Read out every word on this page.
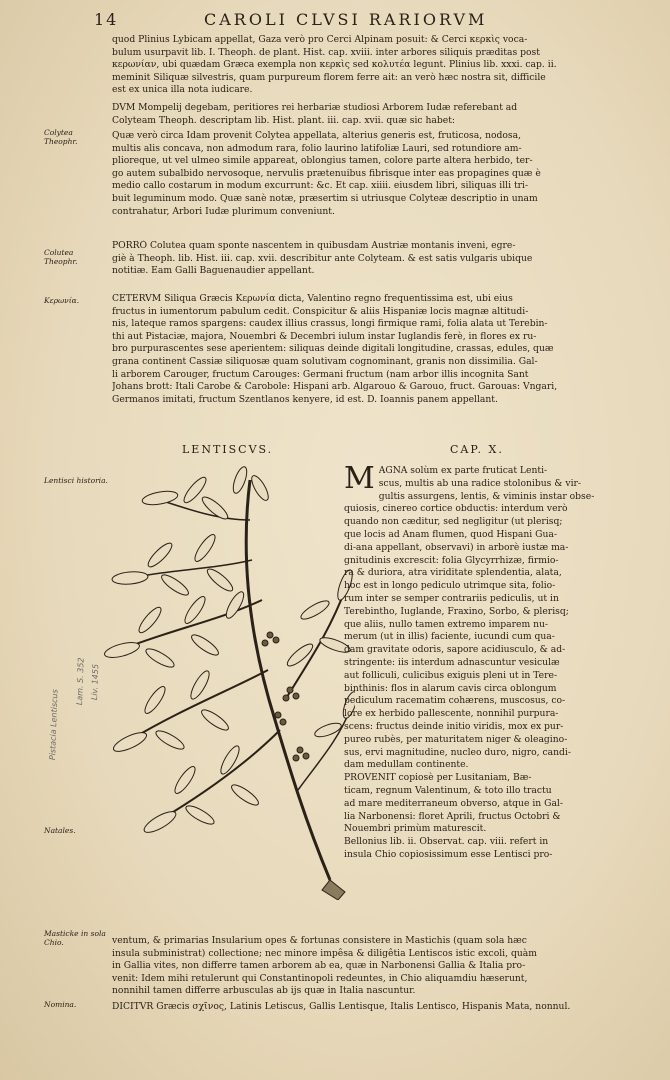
14	CAROLI CLVSI RARIORVM
Colytea Theophr.
Colutea Theophr.
Κερωνία.
Lentisci historia.
Natales.
Masticke in sola Chio.
Nomina.
quod Plinius Lybicam appellat, Gaza verò pro Cerci Alpinam posuit: & Cerci κερκὶς voca-
bulum usurpavit lib. I. Theoph. de plant. Hist. cap. xviii. inter arbores siliquis præditas post
κερωνίαν, ubi quædam Græca exempla non κερκὶς sed κολυτέα legunt. Plinius lib. xxxi. cap. ii.
meminit Siliquæ silvestris, quam purpureum florem ferre ait: an verò hæc nostra sit, difficile
est ex unica illa nota iudicare.
DVM Mompelij degebam, peritiores rei herbariæ studiosi Arborem Iudæ referebant ad
Colyteam Theoph. descriptam lib. Hist. plant. iii. cap. xvii. quæ sic habet:
Quæ verò circa Idam provenit Colytea appellata, alterius generis est, fruticosa, nodosa,
multis alis concava, non admodum rara, folio laurino latifoliæ Lauri, sed rotundiore am-
plioreque, ut vel ulmeo simile appareat, oblongius tamen, colore parte altera herbido, ter-
go autem subalbido nervosoque, nervulis prætenuibus fibrisque inter eas propagines quæ è
medio callo costarum in modum excurrunt: &c. Et cap. xiiii. eiusdem libri, siliquas illi tri-
buit leguminum modo. Quæ sanè notæ, præsertim si utriusque Colyteæ descriptio in unam
contrahatur, Arbori Iudæ plurimum conveniunt.
PORRÒ Colutea quam sponte nascentem in quibusdam Austriæ montanis inveni, egre-
giè à Theoph. lib. Hist. iii. cap. xvii. describitur ante Colyteam. & est satis vulgaris ubique
notitiæ. Eam Galli Baguenaudier appellant.
CETERVM Siliqua Græcis Κερωνία dicta, Valentino regno frequentissima est, ubi eius
fructus in iumentorum pabulum cedit. Conspicitur & aliis Hispaniæ locis magnæ altitudi-
nis, lateque ramos spargens: caudex illius crassus, longi firmique rami, folia alata ut Terebin-
thi aut Pistaciæ, majora, Nouembri & Decembri iulum instar Iuglandis ferè, in flores ex ru-
bro purpurascentes sese aperientem: siliquas deinde digitali longitudine, crassas, edules, quæ
grana continent Cassiæ siliquosæ quam solutivam cognominant, granis non dissimilia. Gal-
li arborem Carouger, fructum Carouges: Germani fructum (nam arbor illis incognita Sant
Johans brott: Itali Carobe & Carobole: Hispani arb. Algarouo & Garouo, fruct. Garouas: Vngari,
Germanos imitati, fructum Szentlanos kenyere, id est. D. Ioannis panem appellant.
LENTISCVS.	CAP. X.
Pistacia Lentiscus
Lam. S. 352 Liv. 1455
M AGNA solùm ex parte fruticat Lenti-
scus, multis ab una radice stolonibus & vir-
gultis assurgens, lentis, & viminis instar obse-
quiosis, cinereo cortice obductis: interdum verò
quando non cæditur, sed negligitur (ut plerisq;
que locis ad Anam flumen, quod Hispani Gua-
di-ana appellant, observavi) in arborè iustæ ma-
gnitudinis excrescit: folia Glycyrrhizæ, firmio-
ra & duriora, atra viriditate splendentia, alata,
hoc est in longo pediculo utrimque sita, folio-
rum inter se semper contrariis pediculis, ut in
Terebintho, Iuglande, Fraxino, Sorbo, & plerisq;
que aliis, nullo tamen extremo imparem nu-
merum (ut in illis) faciente, iucundi cum qua-
dam gravitate odoris, sapore acidiusculo, & ad-
stringente: iis interdum adnascuntur vesiculæ
aut folliculi, culicibus exiguis pleni ut in Tere-
binthinis: flos in alarum cavis circa oblongum
pediculum racematim cohærens, muscosus, co-
lore ex herbido pallescente, nonnihil purpura-
scens: fructus deinde initio viridis, mox ex pur-
pureo rubès, per maturitatem niger & oleagino-
sus, ervi magnitudine, nucleo duro, nigro, candi-
dam medullam continente.
PROVENIT copiosè per Lusitaniam, Bæ-
ticam, regnum Valentinum, & toto illo tractu
ad mare mediterraneum obverso, atque in Gal-
lia Narbonensi: floret Aprili, fructus Octobri &
Nouembri primùm maturescit.
Bellonius lib. ii. Observat. cap. viii. refert in
insula Chio copiosissimum esse Lentisci pro-
ventum, & primarias Insularium opes & fortunas consistere in Mastichis (quam sola hæc
insula subministrat) collectione; nec minore impêsa & diligêtia Lentiscos istic excoli, quàm
in Gallia vites, non differre tamen arborem ab ea, quæ in Narbonensi Gallia & Italia pro-
venit: Idem mihi retulerunt qui Constantinopoli redeuntes, in Chio aliquamdiu hæserunt,
nonnihil tamen differre arbusculas ab ijs quæ in Italia nascuntur.
DICITVR Græcis σχῖνος, Latinis Letiscus, Gallis Lentisque, Italis Lentisco, Hispanis Mata, nonnul.
